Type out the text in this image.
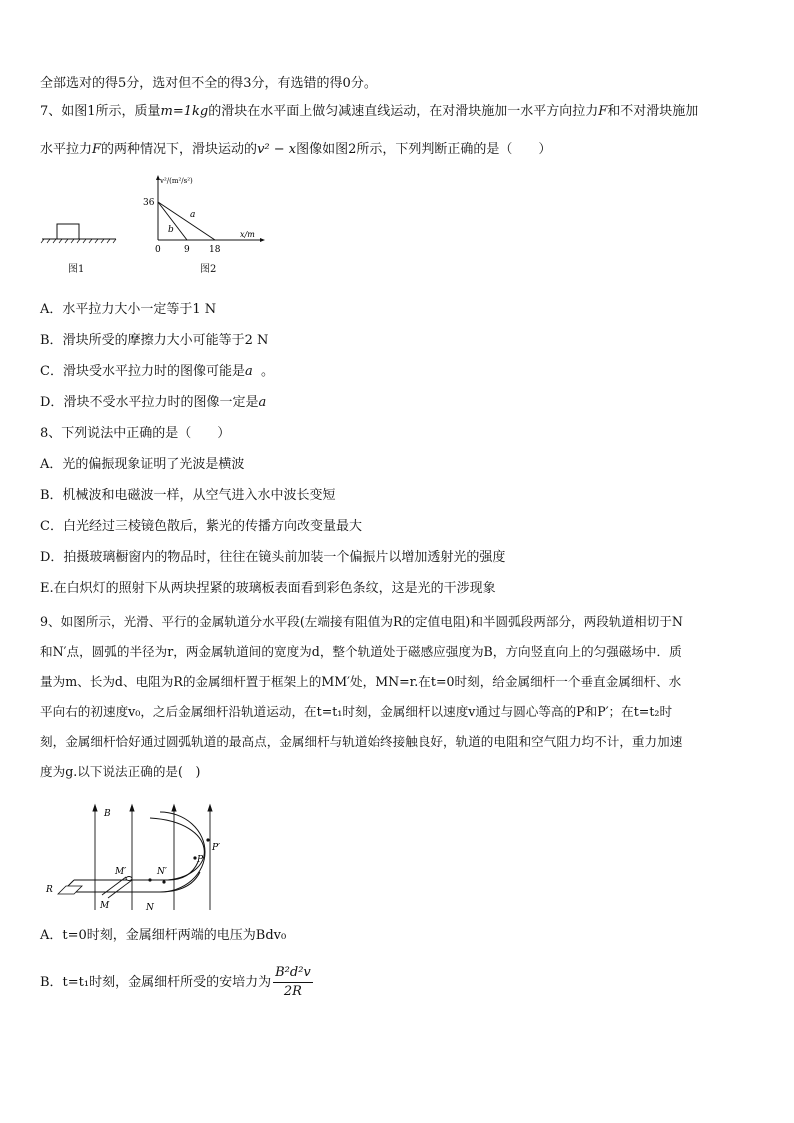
全部选对的得5分，选对但不全的得3分，有选错的得0分。
7、如图1所示，质量m=1kg的滑块在水平面上做匀减速直线运动，在对滑块施加一水平方向拉力F和不对滑块施加
水平拉力F的两种情况下，滑块运动的v² − x图像如图2所示，下列判断正确的是（　　）
图1
v²/(m²/s²)
x/m
36
0	9 18
a
b
图2
A．水平拉力大小一定等于1 N
B．滑块所受的摩擦力大小可能等于2 N
C．滑块受水平拉力时的图像可能是a 。
D．滑块不受水平拉力时的图像一定是a
8、下列说法中正确的是（　　）
A．光的偏振现象证明了光波是横波
B．机械波和电磁波一样，从空气进入水中波长变短
C．白光经过三棱镜色散后，紫光的传播方向改变量最大
D．拍摄玻璃橱窗内的物品时，往往在镜头前加装一个偏振片以增加透射光的强度
E.在白炽灯的照射下从两块捏紧的玻璃板表面看到彩色条纹，这是光的干涉现象
9、如图所示，光滑、平行的金属轨道分水平段(左端接有阻值为R的定值电阻)和半圆弧段两部分，两段轨道相切于N
和N′点，圆弧的半径为r，两金属轨道间的宽度为d，整个轨道处于磁感应强度为B，方向竖直向上的匀强磁场中．质
量为m、长为d、电阻为R的金属细杆置于框架上的MM′处，MN=r.在t=0时刻，给金属细杆一个垂直金属细杆、水
平向右的初速度v₀，之后金属细杆沿轨道运动，在t=t₁时刻，金属细杆以速度v通过与圆心等高的P和P′；在t=t₂时
刻，金属细杆恰好通过圆弧轨道的最高点，金属细杆与轨道始终接触良好，轨道的电阻和空气阻力均不计，重力加速
度为g.以下说法正确的是(　)
B
R
M
M′
N
N′
P
P′
A．t=0时刻，金属细杆两端的电压为Bdv₀
B．t=t₁时刻，金属细杆所受的安培力为 $\frac{\text{B²d²v}}{2R}$
